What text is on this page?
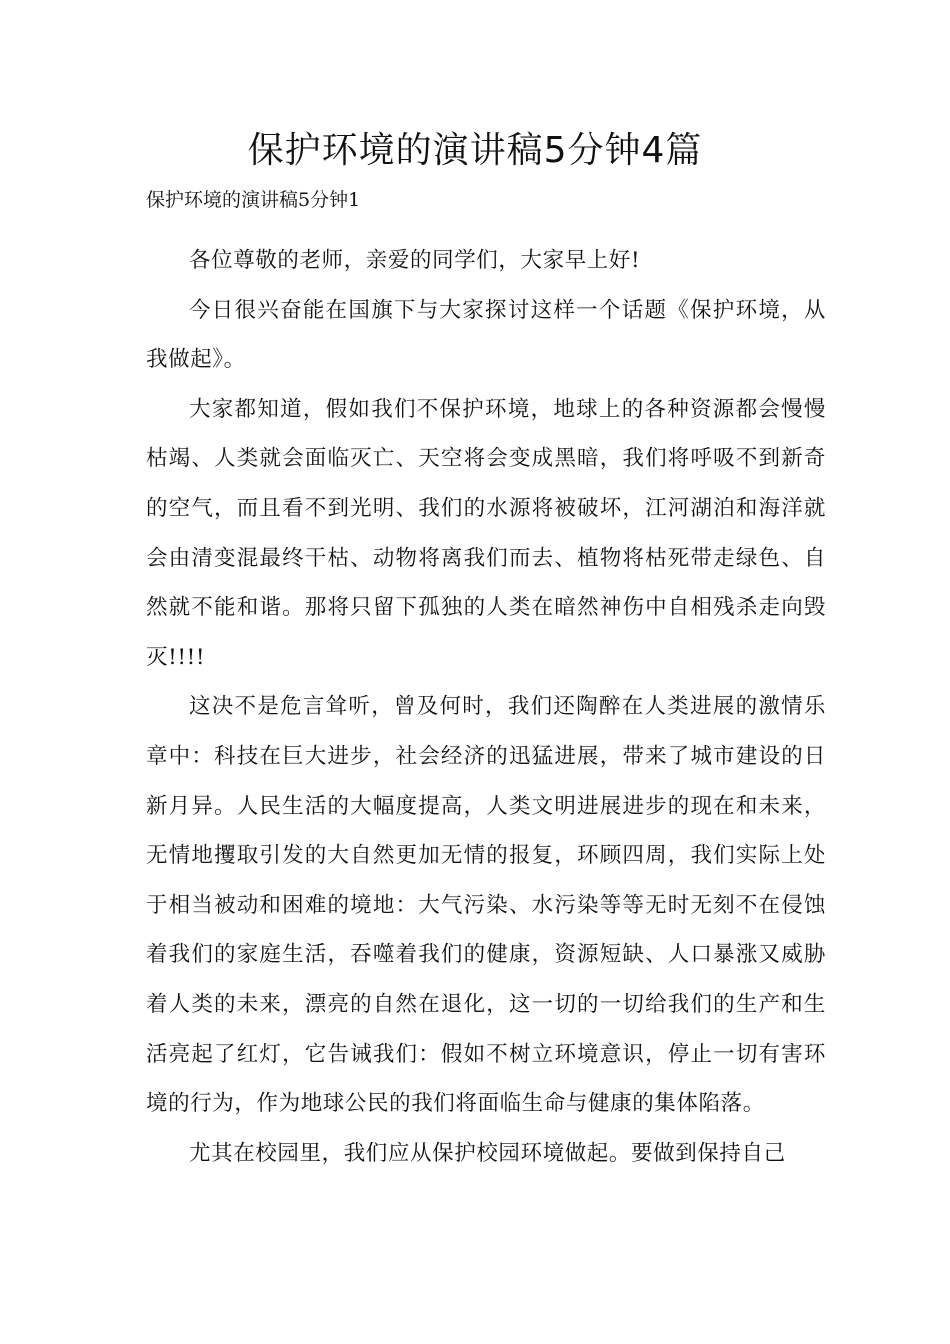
保护环境的演讲稿5分钟4篇

保护环境的演讲稿5分钟1

各位尊敬的老师，亲爱的同学们，大家早上好!

今日很兴奋能在国旗下与大家探讨这样一个话题《保护环境，从我做起》。

大家都知道，假如我们不保护环境，地球上的各种资源都会慢慢枯竭、人类就会面临灭亡、天空将会变成黑暗，我们将呼吸不到新奇的空气，而且看不到光明、我们的水源将被破坏，江河湖泊和海洋就会由清变混最终干枯、动物将离我们而去、植物将枯死带走绿色、自然就不能和谐。那将只留下孤独的人类在暗然神伤中自相残杀走向毁灭!!!!

这决不是危言耸听，曾及何时，我们还陶醉在人类进展的激情乐章中：科技在巨大进步，社会经济的迅猛进展，带来了城市建设的日新月异。人民生活的大幅度提高，人类文明进展进步的现在和未来，无情地攫取引发的大自然更加无情的报复，环顾四周，我们实际上处于相当被动和困难的境地：大气污染、水污染等等无时无刻不在侵蚀着我们的家庭生活，吞噬着我们的健康，资源短缺、人口暴涨又威胁着人类的未来，漂亮的自然在退化，这一切的一切给我们的生产和生活亮起了红灯，它告诫我们：假如不树立环境意识，停止一切有害环境的行为，作为地球公民的我们将面临生命与健康的集体陷落。

尤其在校园里，我们应从保护校园环境做起。要做到保持自己
